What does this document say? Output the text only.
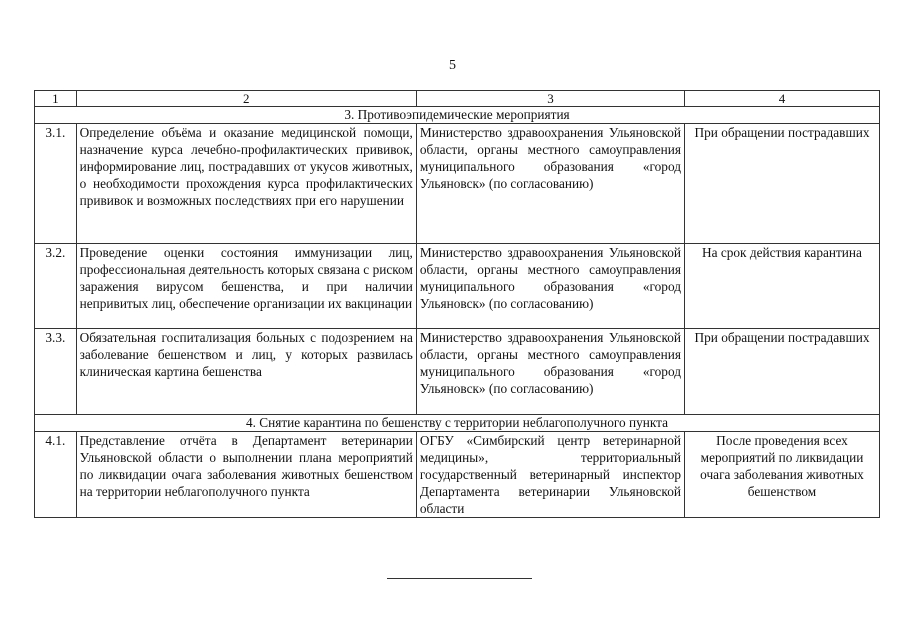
5
1	2	3	4
3. Противоэпидемические мероприятия			
3.1.	Определение объёма и оказание медицинской помощи, назначение курса лечебно-профилактических прививок, информирование лиц, пострадавших от укусов животных, о необходимости прохождения курса профилактических прививок и возможных последствиях при его нарушении	Министерство здравоохранения Ульяновской области, органы местного самоуправления муниципального образования «город Ульяновск» (по согласованию)	При обращении пострадавших
3.2.	Проведение оценки состояния иммунизации лиц, профессиональная деятельность которых связана с риском заражения вирусом бешенства, и при наличии непривитых лиц, обеспечение организации их вакцинации	Министерство здравоохранения Ульяновской области, органы местного самоуправления муниципального образования «город Ульяновск» (по согласованию)	На срок действия карантина
3.3.	Обязательная госпитализация больных с подозрением на заболевание бешенством и лиц, у которых развилась клиническая картина бешенства	Министерство здравоохранения Ульяновской области, органы местного самоуправления муниципального образования «город Ульяновск» (по согласованию)	При обращении пострадавших
4. Снятие карантина по бешенству с территории неблагополучного пункта			
4.1.	Представление отчёта в Департамент ветеринарии Ульяновской области о выполнении плана мероприятий по ликвидации очага заболевания животных бешенством на территории неблагополучного пункта	ОГБУ «Симбирский центр ветеринарной медицины», территориальный государственный ветеринарный инспектор Департамента ветеринарии Ульяновской области	После проведения всех мероприятий по ликвидации очага заболевания животных бешенством
